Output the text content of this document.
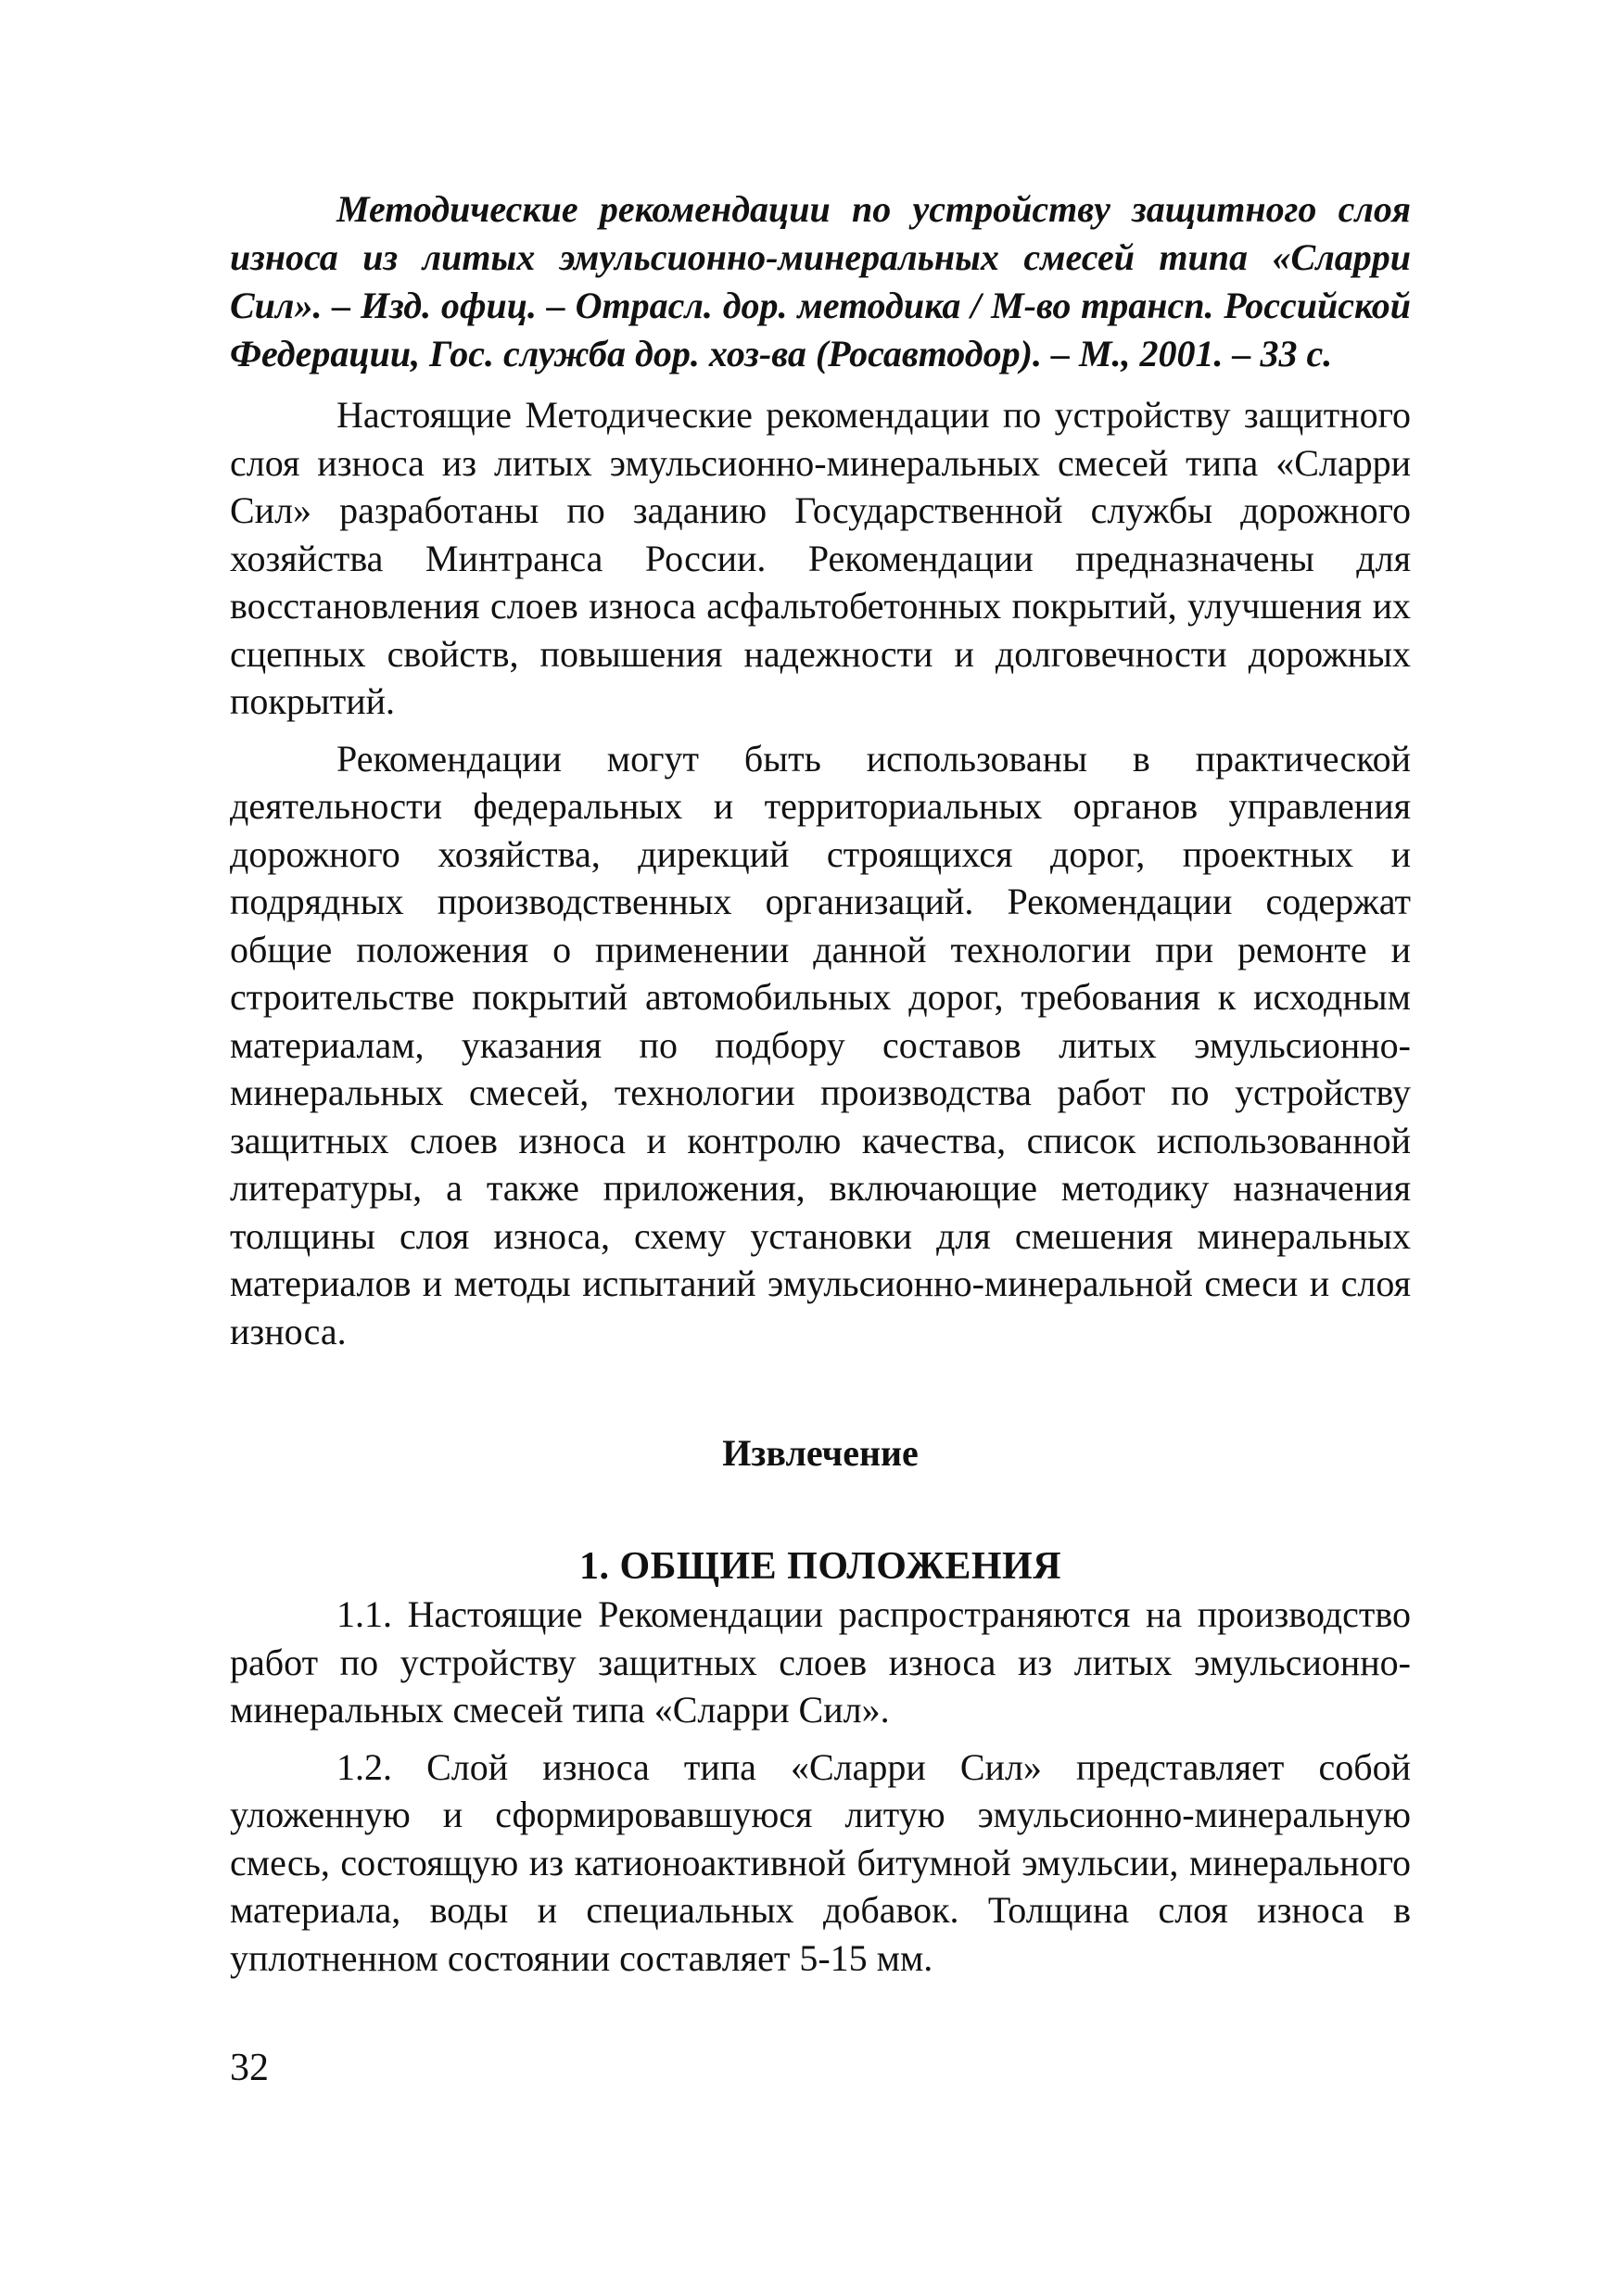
Методические рекомендации по устройству защитного слоя износа из литых эмульсионно-минеральных смесей типа «Сларри Сил». – Изд. офиц. – Отрасл. дор. методика / М-во трансп. Российской Федерации, Гос. служба дор. хоз-ва (Росавтодор). – М., 2001. – 33 с.

Настоящие Методические рекомендации по устройству защитного слоя износа из литых эмульсионно-минеральных смесей типа «Сларри Сил» разработаны по заданию Государственной службы дорожного хозяйства Минтранса России. Рекомендации предназначены для восстановления слоев износа асфальтобетонных покрытий, улучшения их сцепных свойств, повышения надежности и долговечности дорожных покрытий.

Рекомендации могут быть использованы в практической деятельности федеральных и территориальных органов управления дорожного хозяйства, дирекций строящихся дорог, проектных и подрядных производственных организаций. Рекомендации содержат общие положения о применении данной технологии при ремонте и строительстве покрытий автомобильных дорог, требования к исходным материалам, указания по подбору составов литых эмульсионно-минеральных смесей, технологии производства работ по устройству защитных слоев износа и контролю качества, список использованной литературы, а также приложения, включающие методику назначения толщины слоя износа, схему установки для смешения минеральных материалов и методы испытаний эмульсионно-минеральной смеси и слоя износа.

Извлечение
1. ОБЩИЕ ПОЛОЖЕНИЯ

1.1. Настоящие Рекомендации распространяются на производство работ по устройству защитных слоев износа из литых эмульсионно-минеральных смесей типа «Сларри Сил».

1.2. Слой износа типа «Сларри Сил» представляет собой уложенную и сформировавшуюся литую эмульсионно-минеральную смесь, состоящую из катионоактивной битумной эмульсии, минерального материала, воды и специальных добавок. Толщина слоя износа в уплотненном состоянии составляет 5-15 мм.

32
